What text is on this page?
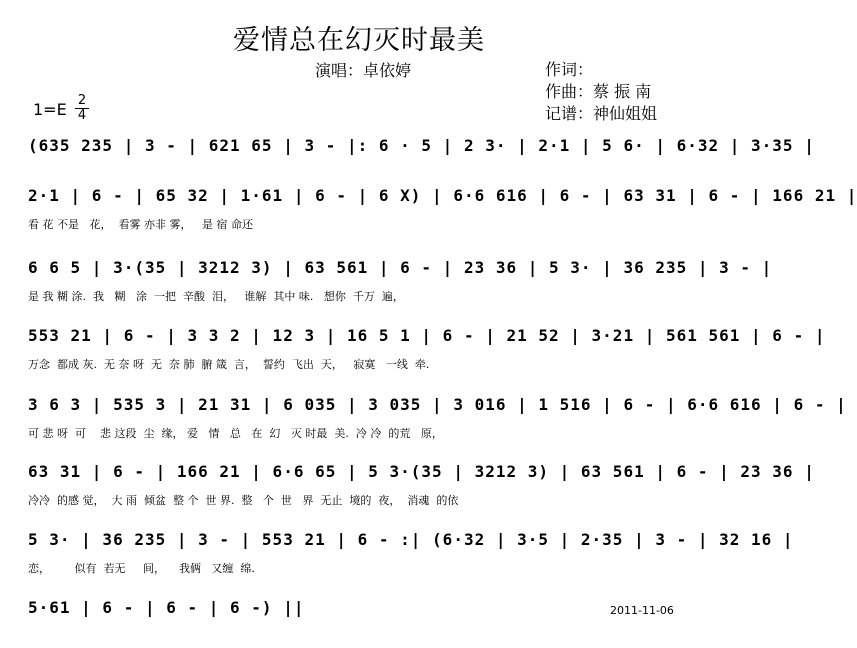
爱情总在幻灭时最美
演唱：卓依婷	作词：
作曲：蔡 振 南
记谱：神仙姐姐
1=E 2
4
(635 235 | 3 - | 621 65 | 3 - |: 6 · 5 | 2 3· | 2·1 | 5 6· | 6·32 | 3·35 |
2·1 | 6 - | 65 32 | 1·61 | 6 - | 6 X) | 6·6 616 | 6 - | 63 31 | 6 - | 166 21 |
看 花 不是   花，  看雾 亦非 雾，   是 宿 命还
6 6 5 | 3·(35 | 3212 3) | 63 561 | 6 - | 23 36 | 5 3· | 36 235 | 3 - |
是 我 糊 涂.  我   糊   涂  一把  辛酸  泪，   谁解  其中 味.   想你  千万  遍，
553 21 | 6 - | 3 3 2 | 12 3 | 16 5 1 | 6 - | 21 52 | 3·21 | 561 561 | 6 - |
万念  都成 灰.  无 奈 呀  无  奈 肺  腑 箴  言，  誓约  飞出  天，   寂寞   一线  牵.
3 6 3 | 535 3 | 21 31 | 6 035 | 3 035 | 3 016 | 1 516 | 6 - | 6·6 616 | 6 - |
可 悲 呀  可    悲 这段  尘  缘， 爱   情   总   在  幻   灭 时最  美.  冷 冷  的荒   原，
63 31 | 6 - | 166 21 | 6·6 65 | 5 3·(35 | 3212 3) | 63 561 | 6 - | 23 36 |
冷冷  的感 觉，  大 雨  倾盆  整 个  世 界.  整   个  世   界  无止  境的  夜，  消魂  的依
5 3· | 36 235 | 3 - | 553 21 | 6 - :| (6·32 | 3·5 | 2·35 | 3 - | 32 16 |
恋，       似有  若无     间，    我俩   又缠  绵.
5·61 | 6 - | 6 - | 6 -) ||	2011-11-06
